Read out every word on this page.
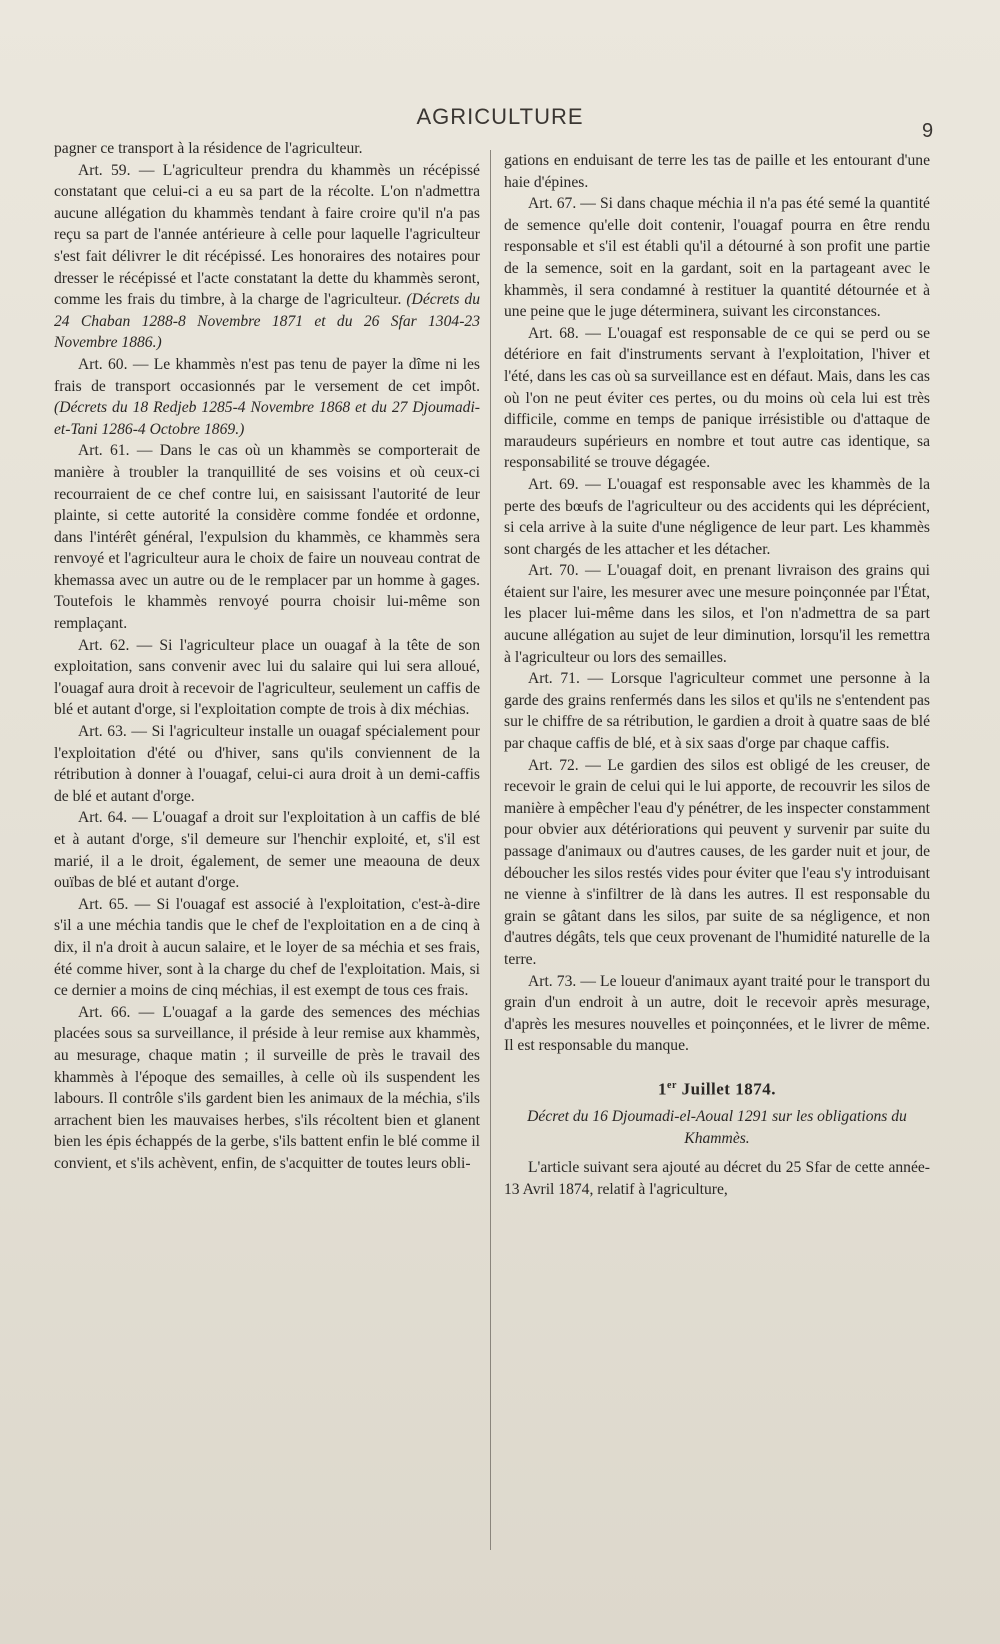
AGRICULTURE
9

pagner ce transport à la résidence de l'agriculteur.

Art. 59. — L'agriculteur prendra du khammès un récépissé constatant que celui-ci a eu sa part de la récolte. L'on n'admettra aucune allégation du khammès tendant à faire croire qu'il n'a pas reçu sa part de l'année antérieure à celle pour laquelle l'agriculteur s'est fait délivrer le dit récépissé. Les honoraires des notaires pour dresser le récépissé et l'acte constatant la dette du khammès seront, comme les frais du timbre, à la charge de l'agriculteur. (Décrets du 24 Chaban 1288-8 Novembre 1871 et du 26 Sfar 1304-23 Novembre 1886.)

Art. 60. — Le khammès n'est pas tenu de payer la dîme ni les frais de transport occasionnés par le versement de cet impôt. (Décrets du 18 Redjeb 1285-4 Novembre 1868 et du 27 Djoumadi-et-Tani 1286-4 Octobre 1869.)

Art. 61. — Dans le cas où un khammès se comporterait de manière à troubler la tranquillité de ses voisins et où ceux-ci recourraient de ce chef contre lui, en saisissant l'autorité de leur plainte, si cette autorité la considère comme fondée et ordonne, dans l'intérêt général, l'expulsion du khammès, ce khammès sera renvoyé et l'agriculteur aura le choix de faire un nouveau contrat de khemassa avec un autre ou de le remplacer par un homme à gages. Toutefois le khammès renvoyé pourra choisir lui-même son remplaçant.

Art. 62. — Si l'agriculteur place un ouagaf à la tête de son exploitation, sans convenir avec lui du salaire qui lui sera alloué, l'ouagaf aura droit à recevoir de l'agriculteur, seulement un caffis de blé et autant d'orge, si l'exploitation compte de trois à dix méchias.

Art. 63. — Si l'agriculteur installe un ouagaf spécialement pour l'exploitation d'été ou d'hiver, sans qu'ils conviennent de la rétribution à donner à l'ouagaf, celui-ci aura droit à un demi-caffis de blé et autant d'orge.

Art. 64. — L'ouagaf a droit sur l'exploitation à un caffis de blé et à autant d'orge, s'il demeure sur l'henchir exploité, et, s'il est marié, il a le droit, également, de semer une meaouna de deux ouïbas de blé et autant d'orge.

Art. 65. — Si l'ouagaf est associé à l'exploitation, c'est-à-dire s'il a une méchia tandis que le chef de l'exploitation en a de cinq à dix, il n'a droit à aucun salaire, et le loyer de sa méchia et ses frais, été comme hiver, sont à la charge du chef de l'exploitation. Mais, si ce dernier a moins de cinq méchias, il est exempt de tous ces frais.

Art. 66. — L'ouagaf a la garde des semences des méchias placées sous sa surveillance, il préside à leur remise aux khammès, au mesurage, chaque matin ; il surveille de près le travail des khammès à l'époque des semailles, à celle où ils suspendent les labours. Il contrôle s'ils gardent bien les animaux de la méchia, s'ils arrachent bien les mauvaises herbes, s'ils récoltent bien et glanent bien les épis échappés de la gerbe, s'ils battent enfin le blé comme il convient, et s'ils achèvent, enfin, de s'acquitter de toutes leurs obli-

gations en enduisant de terre les tas de paille et les entourant d'une haie d'épines.

Art. 67. — Si dans chaque méchia il n'a pas été semé la quantité de semence qu'elle doit contenir, l'ouagaf pourra en être rendu responsable et s'il est établi qu'il a détourné à son profit une partie de la semence, soit en la gardant, soit en la partageant avec le khammès, il sera condamné à restituer la quantité détournée et à une peine que le juge déterminera, suivant les circonstances.

Art. 68. — L'ouagaf est responsable de ce qui se perd ou se détériore en fait d'instruments servant à l'exploitation, l'hiver et l'été, dans les cas où sa surveillance est en défaut. Mais, dans les cas où l'on ne peut éviter ces pertes, ou du moins où cela lui est très difficile, comme en temps de panique irrésistible ou d'attaque de maraudeurs supérieurs en nombre et tout autre cas identique, sa responsabilité se trouve dégagée.

Art. 69. — L'ouagaf est responsable avec les khammès de la perte des bœufs de l'agriculteur ou des accidents qui les déprécient, si cela arrive à la suite d'une négligence de leur part. Les khammès sont chargés de les attacher et les détacher.

Art. 70. — L'ouagaf doit, en prenant livraison des grains qui étaient sur l'aire, les mesurer avec une mesure poinçonnée par l'État, les placer lui-même dans les silos, et l'on n'admettra de sa part aucune allégation au sujet de leur diminution, lorsqu'il les remettra à l'agriculteur ou lors des semailles.

Art. 71. — Lorsque l'agriculteur commet une personne à la garde des grains renfermés dans les silos et qu'ils ne s'entendent pas sur le chiffre de sa rétribution, le gardien a droit à quatre saas de blé par chaque caffis de blé, et à six saas d'orge par chaque caffis.

Art. 72. — Le gardien des silos est obligé de les creuser, de recevoir le grain de celui qui le lui apporte, de recouvrir les silos de manière à empêcher l'eau d'y pénétrer, de les inspecter constamment pour obvier aux détériorations qui peuvent y survenir par suite du passage d'animaux ou d'autres causes, de les garder nuit et jour, de déboucher les silos restés vides pour éviter que l'eau s'y introduisant ne vienne à s'infiltrer de là dans les autres. Il est responsable du grain se gâtant dans les silos, par suite de sa négligence, et non d'autres dégâts, tels que ceux provenant de l'humidité naturelle de la terre.

Art. 73. — Le loueur d'animaux ayant traité pour le transport du grain d'un endroit à un autre, doit le recevoir après mesurage, d'après les mesures nouvelles et poinçonnées, et le livrer de même. Il est responsable du manque.

1er Juillet 1874.

Décret du 16 Djoumadi-el-Aoual 1291 sur les obligations du Khammès.

L'article suivant sera ajouté au décret du 25 Sfar de cette année-13 Avril 1874, relatif à l'agriculture,
